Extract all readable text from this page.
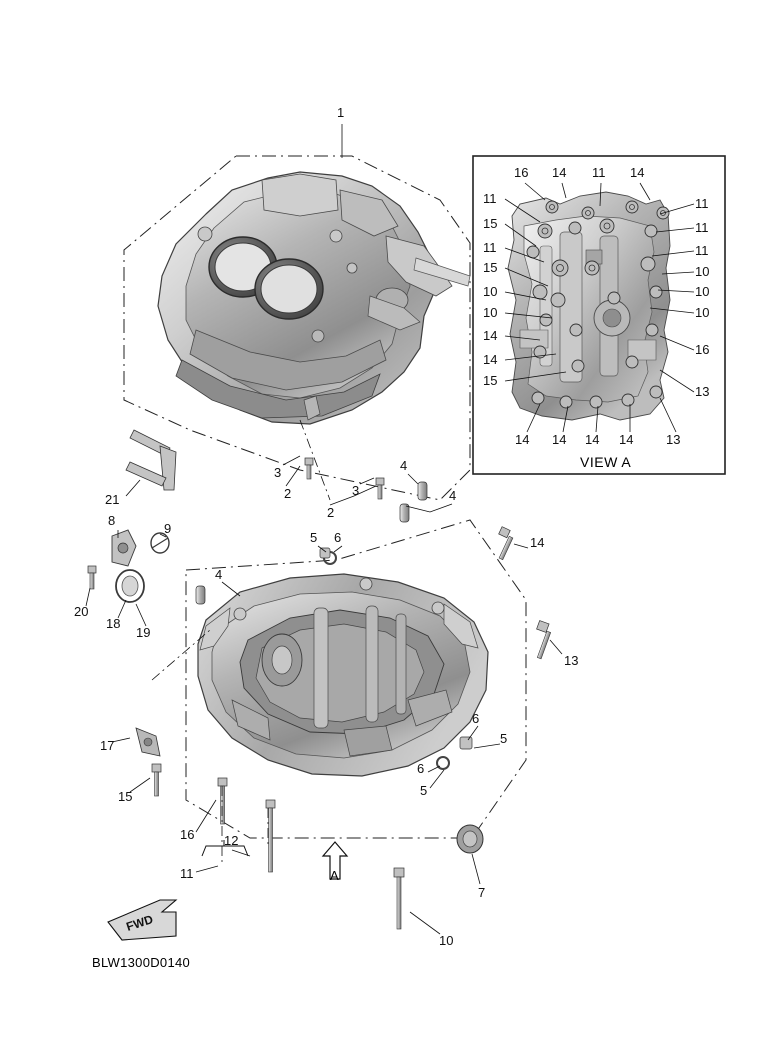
1
2
3
2
3
4
4
4
5 6
6
5
6
5
7
8
9
10
11
12
13
14
15
16
17
18
19
20
21
16 14 11 14
11
15
11
15
10
10
14
14
15
11
11
11
10
10
10
16
13
14 14 14 14	13
VIEW A
A
FWD
BLW1300D0140
